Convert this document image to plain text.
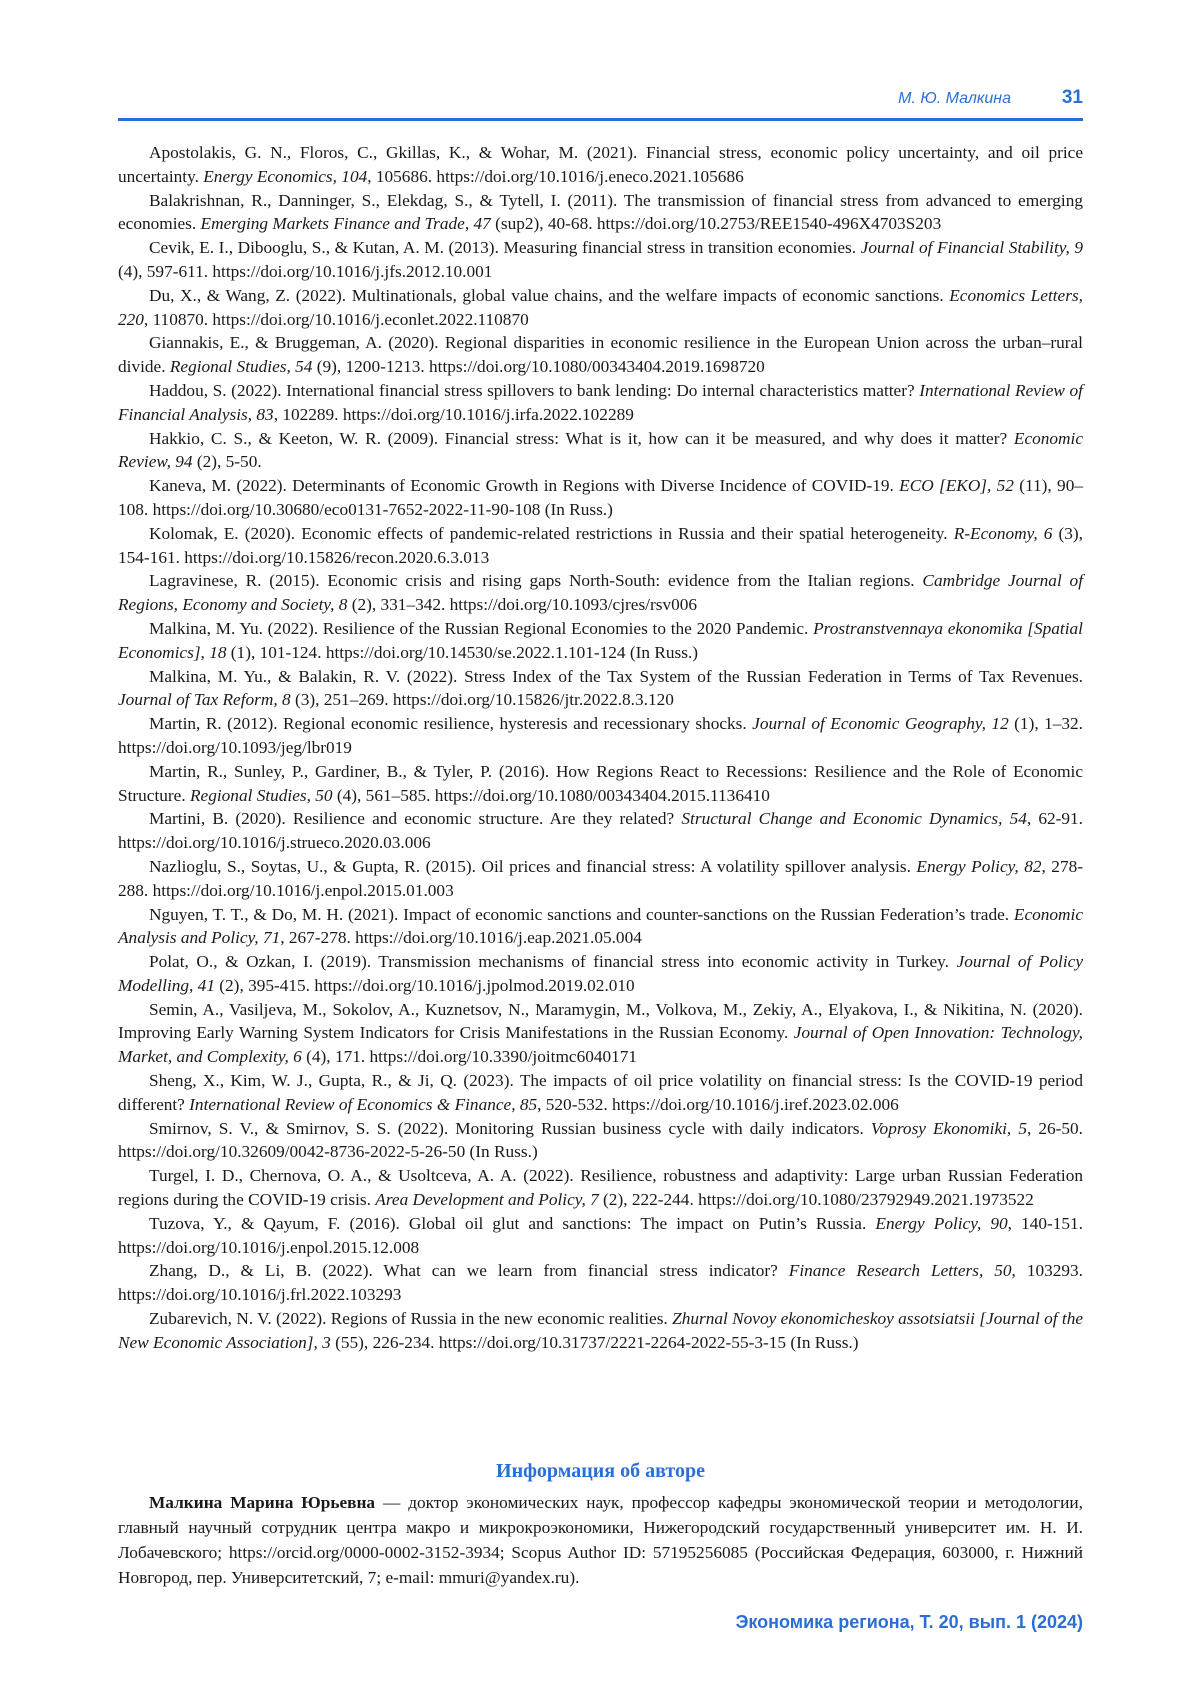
М. Ю. Малкина	31

Apostolakis, G. N., Floros, C., Gkillas, K., & Wohar, M. (2021). Financial stress, economic policy uncertainty, and oil price uncertainty. Energy Economics, 104, 105686. https://doi.org/10.1016/j.eneco.2021.105686

Balakrishnan, R., Danninger, S., Elekdag, S., & Tytell, I. (2011). The transmission of financial stress from advanced to emerging economies. Emerging Markets Finance and Trade, 47 (sup2), 40-68. https://doi.org/10.2753/REE1540-496X4703S203

Cevik, E. I., Dibooglu, S., & Kutan, A. M. (2013). Measuring financial stress in transition economies. Journal of Financial Stability, 9 (4), 597-611. https://doi.org/10.1016/j.jfs.2012.10.001

Du, X., & Wang, Z. (2022). Multinationals, global value chains, and the welfare impacts of economic sanctions. Economics Letters, 220, 110870. https://doi.org/10.1016/j.econlet.2022.110870

Giannakis, E., & Bruggeman, A. (2020). Regional disparities in economic resilience in the European Union across the urban–rural divide. Regional Studies, 54 (9), 1200-1213. https://doi.org/10.1080/00343404.2019.1698720

Haddou, S. (2022). International financial stress spillovers to bank lending: Do internal characteristics matter? International Review of Financial Analysis, 83, 102289. https://doi.org/10.1016/j.irfa.2022.102289

Hakkio, C. S., & Keeton, W. R. (2009). Financial stress: What is it, how can it be measured, and why does it matter? Economic Review, 94 (2), 5-50.

Kaneva, M. (2022). Determinants of Economic Growth in Regions with Diverse Incidence of COVID-19. ECO [EKO], 52 (11), 90–108. https://doi.org/10.30680/eco0131-7652-2022-11-90-108 (In Russ.)

Kolomak, E. (2020). Economic effects of pandemic-related restrictions in Russia and their spatial heterogeneity. R-Economy, 6 (3), 154-161. https://doi.org/10.15826/recon.2020.6.3.013

Lagravinese, R. (2015). Economic crisis and rising gaps North-South: evidence from the Italian regions. Cambridge Journal of Regions, Economy and Society, 8 (2), 331–342. https://doi.org/10.1093/cjres/rsv006

Malkina, M. Yu. (2022). Resilience of the Russian Regional Economies to the 2020 Pandemic. Prostranstvennaya ekonomika [Spatial Economics], 18 (1), 101-124. https://doi.org/10.14530/se.2022.1.101-124 (In Russ.)

Malkina, M. Yu., & Balakin, R. V. (2022). Stress Index of the Tax System of the Russian Federation in Terms of Tax Revenues. Journal of Tax Reform, 8 (3), 251–269. https://doi.org/10.15826/jtr.2022.8.3.120

Martin, R. (2012). Regional economic resilience, hysteresis and recessionary shocks. Journal of Economic Geography, 12 (1), 1–32. https://doi.org/10.1093/jeg/lbr019

Martin, R., Sunley, P., Gardiner, B., & Tyler, P. (2016). How Regions React to Recessions: Resilience and the Role of Economic Structure. Regional Studies, 50 (4), 561–585. https://doi.org/10.1080/00343404.2015.1136410

Martini, B. (2020). Resilience and economic structure. Are they related? Structural Change and Economic Dynamics, 54, 62-91. https://doi.org/10.1016/j.strueco.2020.03.006

Nazlioglu, S., Soytas, U., & Gupta, R. (2015). Oil prices and financial stress: A volatility spillover analysis. Energy Policy, 82, 278-288. https://doi.org/10.1016/j.enpol.2015.01.003

Nguyen, T. T., & Do, M. H. (2021). Impact of economic sanctions and counter-sanctions on the Russian Federation’s trade. Economic Analysis and Policy, 71, 267-278. https://doi.org/10.1016/j.eap.2021.05.004

Polat, O., & Ozkan, I. (2019). Transmission mechanisms of financial stress into economic activity in Turkey. Journal of Policy Modelling, 41 (2), 395-415. https://doi.org/10.1016/j.jpolmod.2019.02.010

Semin, A., Vasiljeva, M., Sokolov, A., Kuznetsov, N., Maramygin, M., Volkova, M., Zekiy, A., Elyakova, I., & Nikitina, N. (2020). Improving Early Warning System Indicators for Crisis Manifestations in the Russian Economy. Journal of Open Innovation: Technology, Market, and Complexity, 6 (4), 171. https://doi.org/10.3390/joitmc6040171

Sheng, X., Kim, W. J., Gupta, R., & Ji, Q. (2023). The impacts of oil price volatility on financial stress: Is the COVID-19 period different? International Review of Economics & Finance, 85, 520-532. https://doi.org/10.1016/j.iref.2023.02.006

Smirnov, S. V., & Smirnov, S. S. (2022). Monitoring Russian business cycle with daily indicators. Voprosy Ekonomiki, 5, 26-50. https://doi.org/10.32609/0042-8736-2022-5-26-50 (In Russ.)

Turgel, I. D., Chernova, O. A., & Usoltceva, A. A. (2022). Resilience, robustness and adaptivity: Large urban Russian Federation regions during the COVID-19 crisis. Area Development and Policy, 7 (2), 222-244. https://doi.org/10.1080/23792949.2021.1973522

Tuzova, Y., & Qayum, F. (2016). Global oil glut and sanctions: The impact on Putin’s Russia. Energy Policy, 90, 140-151. https://doi.org/10.1016/j.enpol.2015.12.008

Zhang, D., & Li, B. (2022). What can we learn from financial stress indicator? Finance Research Letters, 50, 103293. https://doi.org/10.1016/j.frl.2022.103293

Zubarevich, N. V. (2022). Regions of Russia in the new economic realities. Zhurnal Novoy ekonomicheskoy assotsiatsii [Journal of the New Economic Association], 3 (55), 226-234. https://doi.org/10.31737/2221-2264-2022-55-3-15 (In Russ.)

Информация об авторе

Малкина Марина Юрьевна — доктор экономических наук, профессор кафедры экономической теории и методологии, главный научный сотрудник центра макро и микрокроэкономики, Нижегородский государственный университет им. Н. И. Лобачевского; https://orcid.org/0000-0002-3152-3934; Scopus Author ID: 57195256085 (Российская Федерация, 603000, г. Нижний Новгород, пер. Университетский, 7; e-mail: mmuri@yandex.ru).

Экономика региона, Т. 20, вып. 1 (2024)
